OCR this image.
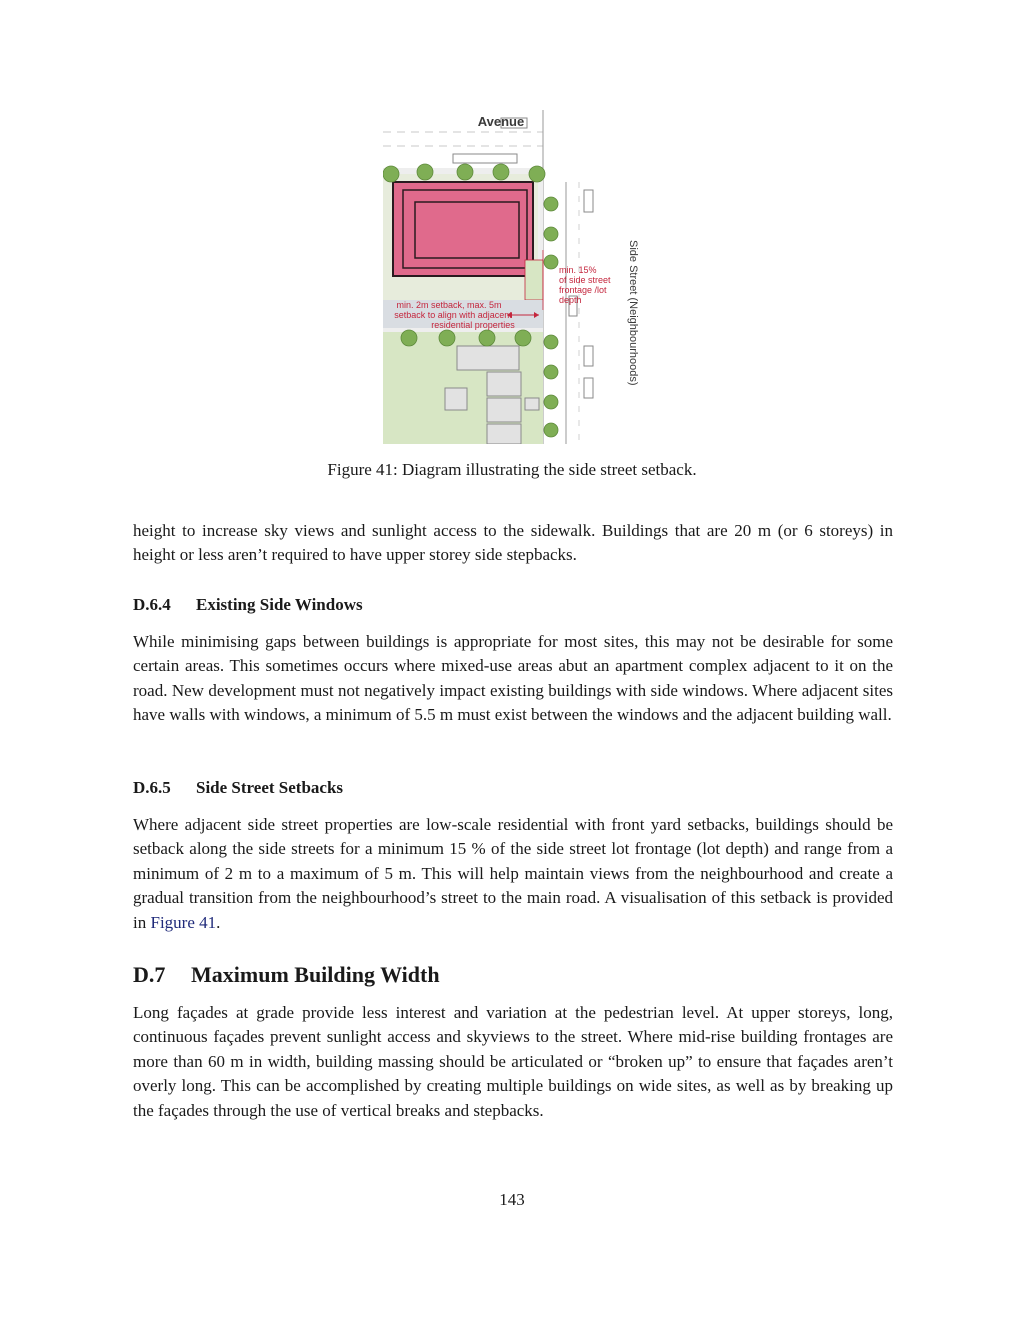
Avenue
min. 15%
of side street
frontage /lot
depth
min. 2m setback, max. 5m
setback to align with adjacent
residential properties	Side Street (Neighbourhoods)
Figure 41: Diagram illustrating the side street setback.

height to increase sky views and sunlight access to the sidewalk. Buildings that are 20 m (or 6 storeys) in height or less aren’t required to have upper storey side stepbacks.

D.6.4 Existing Side Windows

While minimising gaps between buildings is appropriate for most sites, this may not be desirable for some certain areas. This sometimes occurs where mixed-use areas abut an apartment complex adjacent to it on the road. New development must not negatively impact existing buildings with side windows. Where adjacent sites have walls with windows, a minimum of 5.5 m must exist between the windows and the adjacent building wall.

D.6.5 Side Street Setbacks

Where adjacent side street properties are low-scale residential with front yard setbacks, buildings should be setback along the side streets for a minimum 15 % of the side street lot frontage (lot depth) and range from a minimum of 2 m to a maximum of 5 m. This will help maintain views from the neighbourhood and create a gradual transition from the neighbourhood’s street to the main road. A visualisation of this setback is provided in Figure 41.

D.7 Maximum Building Width

Long façades at grade provide less interest and variation at the pedestrian level. At upper storeys, long, continuous façades prevent sunlight access and skyviews to the street. Where mid-rise building frontages are more than 60 m in width, building massing should be articulated or “broken up” to ensure that façades aren’t overly long. This can be accomplished by creating multiple buildings on wide sites, as well as by breaking up the façades through the use of vertical breaks and stepbacks.

143
